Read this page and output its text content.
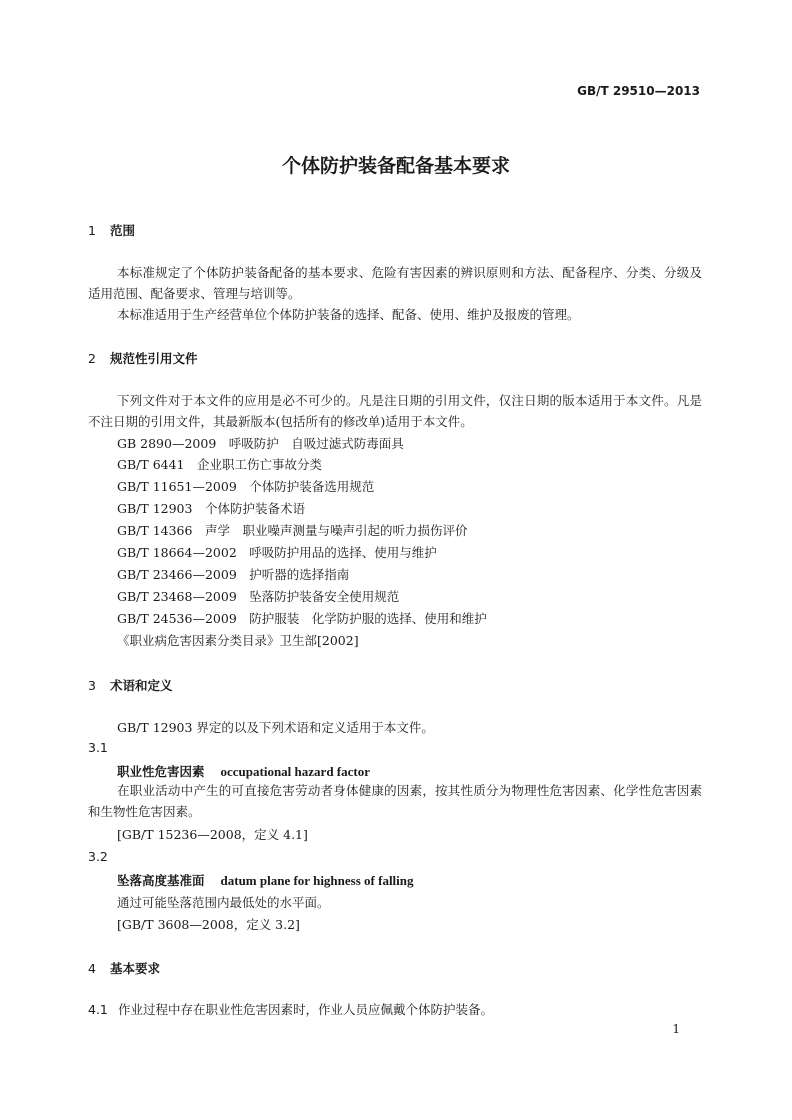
GB/T 29510—2013
个体防护装备配备基本要求
1 范围
本标准规定了个体防护装备配备的基本要求、危险有害因素的辨识原则和方法、配备程序、分类、分级及适用范围、配备要求、管理与培训等。
本标准适用于生产经营单位个体防护装备的选择、配备、使用、维护及报废的管理。
2 规范性引用文件
下列文件对于本文件的应用是必不可少的。凡是注日期的引用文件，仅注日期的版本适用于本文件。凡是不注日期的引用文件，其最新版本(包括所有的修改单)适用于本文件。
GB 2890—2009　呼吸防护　自吸过滤式防毒面具
GB/T 6441　企业职工伤亡事故分类
GB/T 11651—2009　个体防护装备选用规范
GB/T 12903　个体防护装备术语
GB/T 14366　声学　职业噪声测量与噪声引起的听力损伤评价
GB/T 18664—2002　呼吸防护用品的选择、使用与维护
GB/T 23466—2009　护听器的选择指南
GB/T 23468—2009　坠落防护装备安全使用规范
GB/T 24536—2009　防护服装　化学防护服的选择、使用和维护
《职业病危害因素分类目录》卫生部[2002]
3 术语和定义
GB/T 12903 界定的以及下列术语和定义适用于本文件。
3.1
职业性危害因素 occupational hazard factor
在职业活动中产生的可直接危害劳动者身体健康的因素，按其性质分为物理性危害因素、化学性危害因素和生物性危害因素。
[GB/T 15236—2008，定义 4.1]
3.2
坠落高度基准面 datum plane for highness of falling
通过可能坠落范围内最低处的水平面。
[GB/T 3608—2008，定义 3.2]
4 基本要求
4.1 作业过程中存在职业性危害因素时，作业人员应佩戴个体防护装备。
1
